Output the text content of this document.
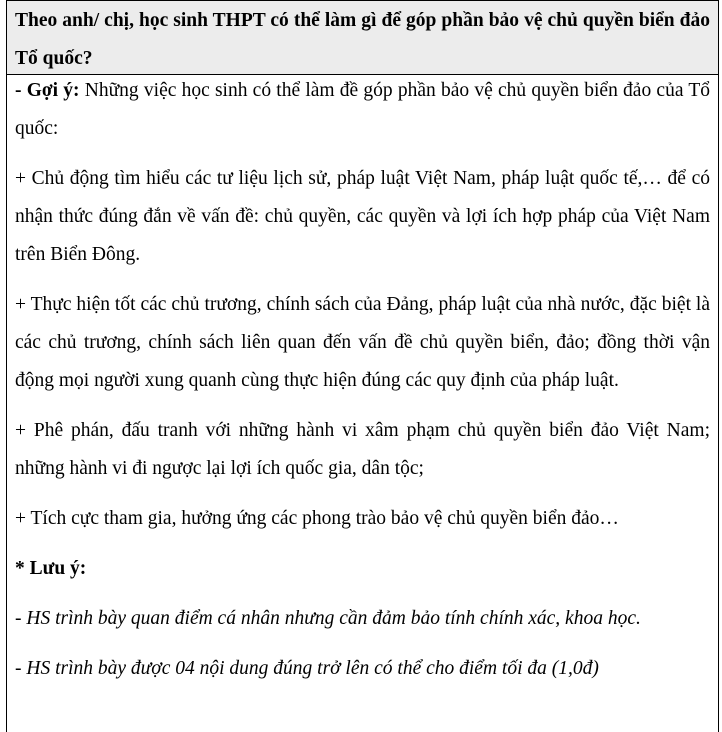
Theo anh/ chị, học sinh THPT có thể làm gì để góp phần bảo vệ chủ quyền biển đảo Tổ quốc?

- Gợi ý: Những việc học sinh có thể làm đề góp phần bảo vệ chủ quyền biển đảo của Tổ quốc:

+ Chủ động tìm hiểu các tư liệu lịch sử, pháp luật Việt Nam, pháp luật quốc tế,… để có nhận thức đúng đắn về vấn đề: chủ quyền, các quyền và lợi ích hợp pháp của Việt Nam trên Biển Đông.

+ Thực hiện tốt các chủ trương, chính sách của Đảng, pháp luật của nhà nước, đặc biệt là các chủ trương, chính sách liên quan đến vấn đề chủ quyền biển, đảo; đồng thời vận động mọi người xung quanh cùng thực hiện đúng các quy định của pháp luật.

+ Phê phán, đấu tranh với những hành vi xâm phạm chủ quyền biển đảo Việt Nam; những hành vi đi ngược lại lợi ích quốc gia, dân tộc;

+ Tích cực tham gia, hưởng ứng các phong trào bảo vệ chủ quyền biển đảo…

* Lưu ý:

- HS trình bày quan điểm cá nhân nhưng cần đảm bảo tính chính xác, khoa học.

- HS trình bày được 04 nội dung đúng trở lên có thể cho điểm tối đa (1,0đ)
